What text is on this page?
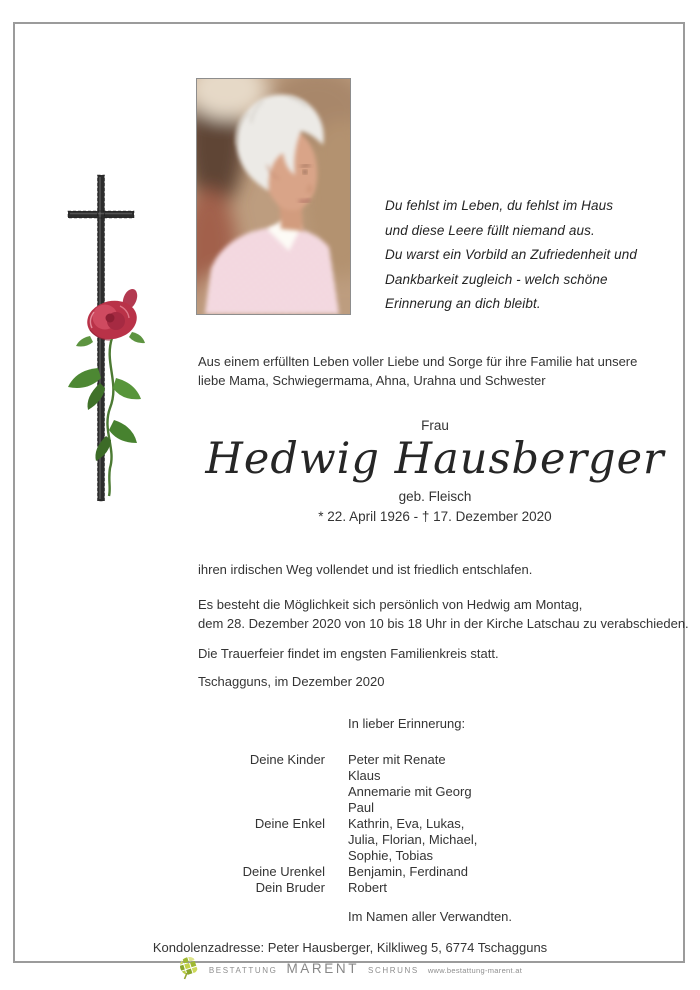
Du fehlst im Leben, du fehlst im Haus
und diese Leere füllt niemand aus.
Du warst ein Vorbild an Zufriedenheit und
Dankbarkeit zugleich - welch schöne
Erinnerung an dich bleibt.
Aus einem erfüllten Leben voller Liebe und Sorge für ihre Familie hat unsere
liebe Mama, Schwiegermama, Ahna, Urahna und Schwester
Frau
Hedwig Hausberger
geb. Fleisch
* 22. April 1926 - † 17. Dezember 2020
ihren irdischen Weg vollendet und ist friedlich entschlafen.
Es besteht die Möglichkeit sich persönlich von Hedwig am Montag,
dem 28. Dezember 2020 von 10 bis 18 Uhr in der Kirche Latschau zu verabschieden.
Die Trauerfeier findet im engsten Familienkreis statt.
Tschagguns, im Dezember 2020
In lieber Erinnerung:
Deine Kinder Peter mit Renate
Klaus
Annemarie mit Georg
Paul
Deine Enkel Kathrin, Eva, Lukas,
Julia, Florian, Michael,
Sophie, Tobias
Deine Urenkel Benjamin, Ferdinand
Dein Bruder Robert
Im Namen aller Verwandten.
Kondolenzadresse: Peter Hausberger, Kilkliweg 5, 6774 Tschagguns
BESTATTUNG MARENT SCHRUNS www.bestattung-marent.at
